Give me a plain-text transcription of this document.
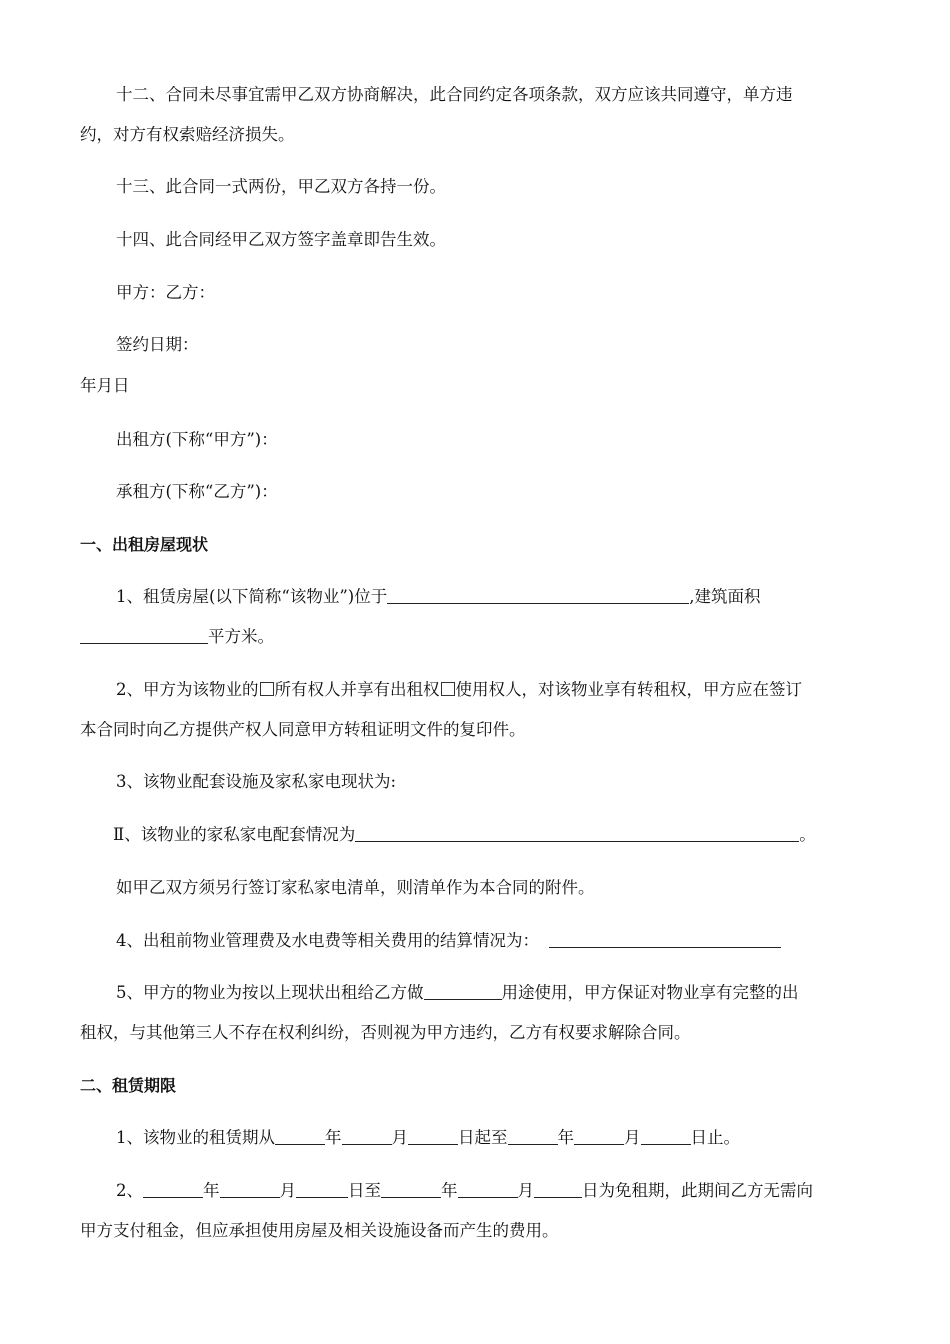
十二、合同未尽事宜需甲乙双方协商解决，此合同约定各项条款，双方应该共同遵守，单方违
约，对方有权索赔经济损失。
十三、此合同一式两份，甲乙双方各持一份。
十四、此合同经甲乙双方签字盖章即告生效。
甲方：乙方：
签约日期：
年月日
出租方(下称“甲方”)：
承租方(下称“乙方”)：
一、出租房屋现状
1、租赁房屋(以下简称“该物业”)位于	,建筑面积
平方米。
2、甲方为该物业的 所有权人并享有出租权 使用权人，对该物业享有转租权，甲方应在签订
本合同时向乙方提供产权人同意甲方转租证明文件的复印件。
3、该物业配套设施及家私家电现状为:
Ⅱ、该物业的家私家电配套情况为	。
如甲乙双方须另行签订家私家电清单，则清单作为本合同的附件。
4、出租前物业管理费及水电费等相关费用的结算情况为：
5、甲方的物业为按以上现状出租给乙方做	用途使用，甲方保证对物业享有完整的出
租权，与其他第三人不存在权利纠纷，否则视为甲方违约，乙方有权要求解除合同。
二、租赁期限
1、该物业的租赁期从	年	月	日起至	年	月	日止。
2、	年	月	日至	年	月	日为免租期，此期间乙方无需向
甲方支付租金，但应承担使用房屋及相关设施设备而产生的费用。
